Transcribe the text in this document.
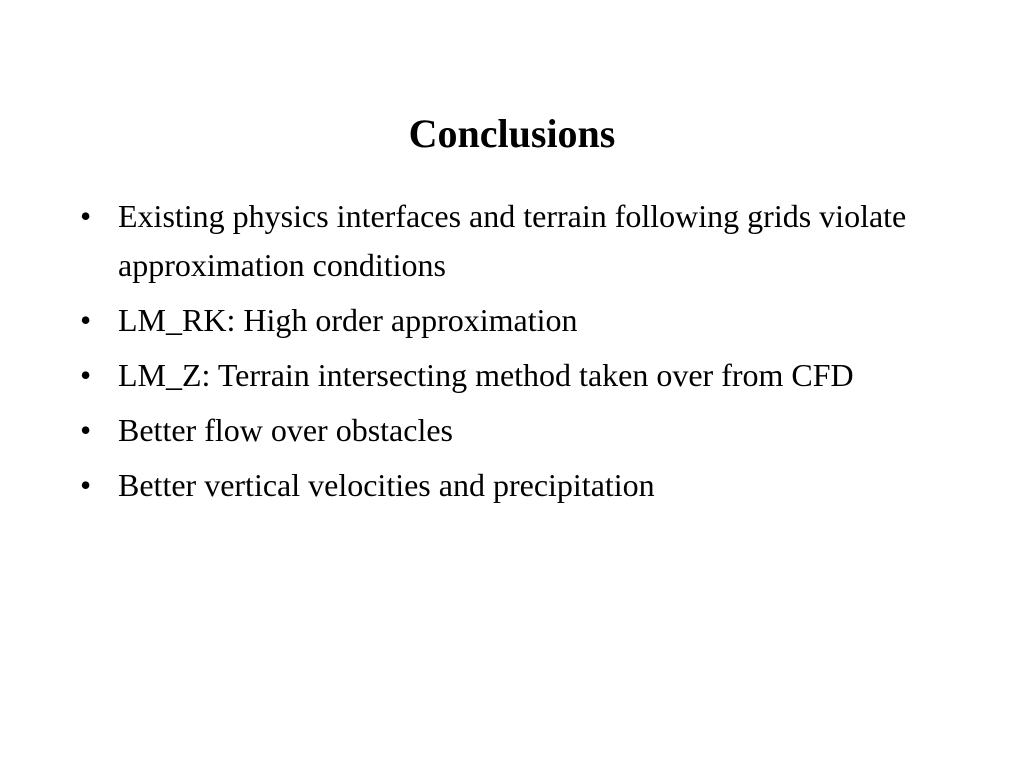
Conclusions
• Existing physics interfaces and terrain following grids violate approximation conditions
• LM_RK: High order approximation
• LM_Z: Terrain intersecting method taken over from CFD
• Better flow over obstacles
• Better vertical velocities and precipitation
